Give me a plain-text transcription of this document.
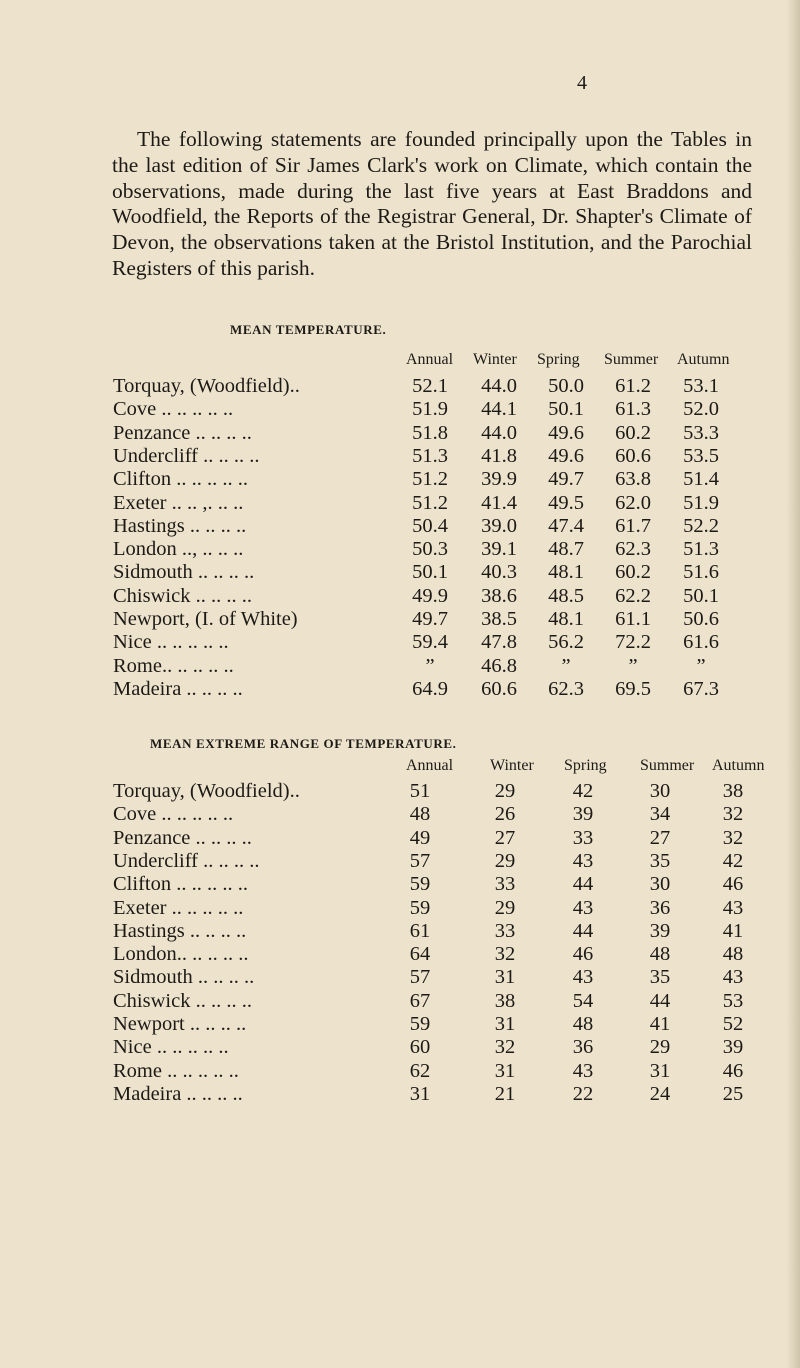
4

The following statements are founded principally upon the Tables in the last edition of Sir James Clark's work on Climate, which contain the observations, made during the last five years at East Braddons and Woodfield, the Reports of the Registrar General, Dr. Shapter's Climate of Devon, the observations taken at the Bristol Institution, and the Parochial Registers of this parish.

MEAN TEMPERATURE.
Annual Winter Spring Summer Autumn
Torquay, (Woodfield)..	52.1	44.0	50.0	61.2	53.1
Cove .. .. .. .. ..	51.9	44.1	50.1	61.3	52.0
Penzance .. .. .. ..	51.8	44.0	49.6	60.2	53.3
Undercliff .. .. .. ..	51.3	41.8	49.6	60.6	53.5
Clifton .. .. .. .. ..	51.2	39.9	49.7	63.8	51.4
Exeter .. .. ,. .. ..	51.2	41.4	49.5	62.0	51.9
Hastings .. .. .. ..	50.4	39.0	47.4	61.7	52.2
London .., .. .. ..	50.3	39.1	48.7	62.3	51.3
Sidmouth .. .. .. ..	50.1	40.3	48.1	60.2	51.6
Chiswick .. .. .. ..	49.9	38.6	48.5	62.2	50.1
Newport, (I. of White)	49.7	38.5	48.1	61.1	50.6
Nice .. .. .. .. ..	59.4	47.8	56.2	72.2	61.6
Rome.. .. .. .. ..	”	46.8	”	”	”
Madeira .. .. .. ..	64.9	60.6	62.3	69.5	67.3
MEAN EXTREME RANGE OF TEMPERATURE.
Annual Winter Spring Summer Autumn
Torquay, (Woodfield)..	51	29	42	30	38
Cove .. .. .. .. ..	48	26	39	34	32
Penzance .. .. .. ..	49	27	33	27	32
Undercliff .. .. .. ..	57	29	43	35	42
Clifton .. .. .. .. ..	59	33	44	30	46
Exeter .. .. .. .. ..	59	29	43	36	43
Hastings .. .. .. ..	61	33	44	39	41
London.. .. .. .. ..	64	32	46	48	48
Sidmouth .. .. .. ..	57	31	43	35	43
Chiswick .. .. .. ..	67	38	54	44	53
Newport .. .. .. ..	59	31	48	41	52
Nice .. .. .. .. ..	60	32	36	29	39
Rome .. .. .. .. ..	62	31	43	31	46
Madeira .. .. .. ..	31	21	22	24	25
